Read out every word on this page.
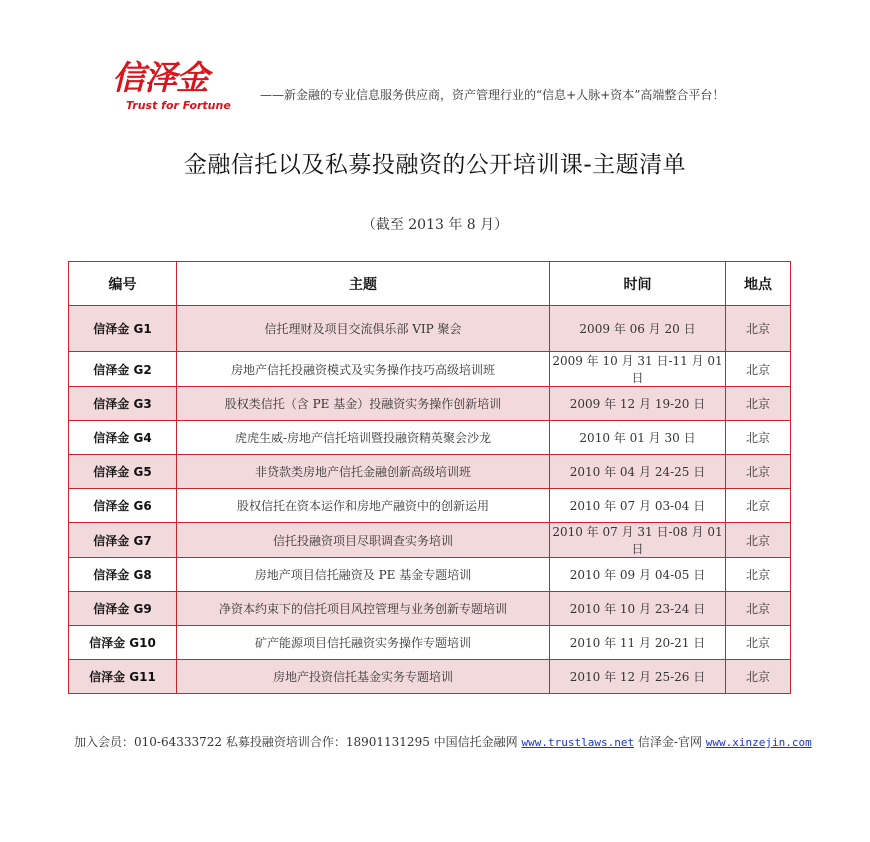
信泽金
Trust for Fortune
——新金融的专业信息服务供应商，资产管理行业的“信息+人脉+资本”高端整合平台！
金融信托以及私募投融资的公开培训课-主题清单
（截至 2013 年 8 月）
编号	主题	时间	地点
信泽金 G1	信托理财及项目交流俱乐部 VIP 聚会	2009 年 06 月 20 日	北京
信泽金 G2	房地产信托投融资模式及实务操作技巧高级培训班	2009 年 10 月 31 日-11 月 01 日	北京
信泽金 G3	股权类信托（含 PE 基金）投融资实务操作创新培训	2009 年 12 月 19-20 日	北京
信泽金 G4	虎虎生威-房地产信托培训暨投融资精英聚会沙龙	2010 年 01 月 30 日	北京
信泽金 G5	非贷款类房地产信托金融创新高级培训班	2010 年 04 月 24-25 日	北京
信泽金 G6	股权信托在资本运作和房地产融资中的创新运用	2010 年 07 月 03-04 日	北京
信泽金 G7	信托投融资项目尽职调查实务培训	2010 年 07 月 31 日-08 月 01 日	北京
信泽金 G8	房地产项目信托融资及 PE 基金专题培训	2010 年 09 月 04-05 日	北京
信泽金 G9	净资本约束下的信托项目风控管理与业务创新专题培训	2010 年 10 月 23-24 日	北京
信泽金 G10	矿产能源项目信托融资实务操作专题培训	2010 年 11 月 20-21 日	北京
信泽金 G11	房地产投资信托基金实务专题培训	2010 年 12 月 25-26 日	北京
加入会员：010-64333722 私募投融资培训合作：18901131295 中国信托金融网 www.trustlaws.net 信泽金-官网 www.xinzejin.com
